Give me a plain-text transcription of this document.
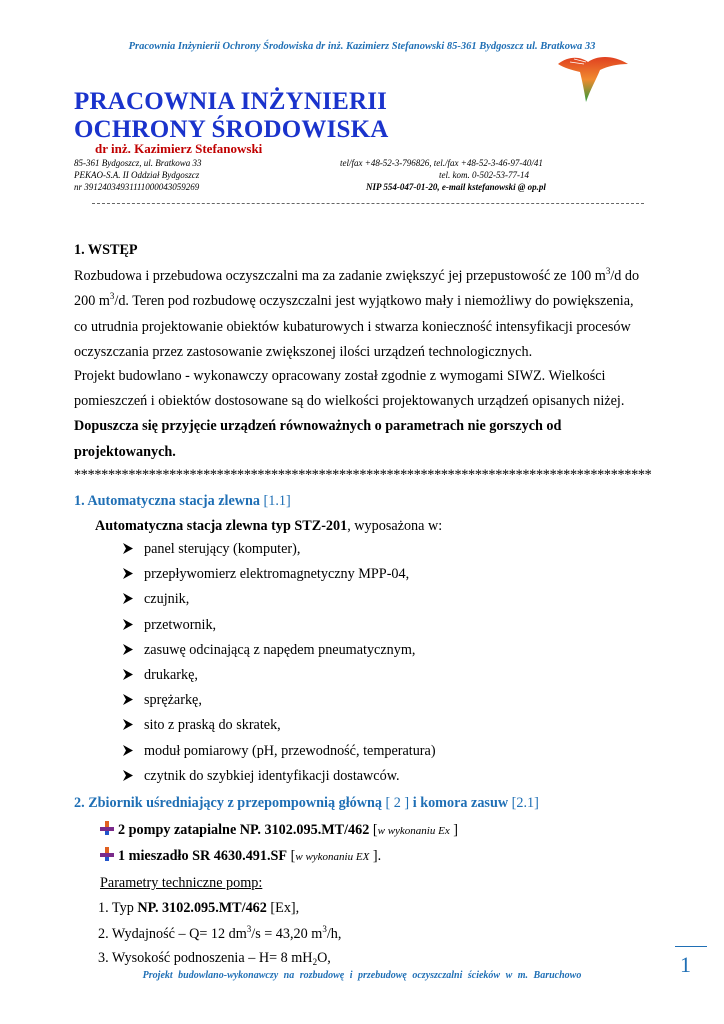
Pracownia Inżynierii Ochrony Środowiska dr inż. Kazimierz Stefanowski 85-361 Bydgoszcz ul. Bratkowa 33
PRACOWNIA INŻYNIERII
OCHRONY ŚRODOWISKA
dr inż. Kazimierz Stefanowski
85-361 Bydgoszcz, ul. Bratkowa 33
PEKAO-S.A. II Oddział Bydgoszcz
nr 39124034931111000043059269
tel/fax +48-52-3-796826, tel./fax +48-52-3-46-97-40/41
tel. kom. 0-502-53-77-14
NIP 554-047-01-20, e-mail kstefanowski @ op.pl
1. WSTĘP
Rozbudowa i przebudowa oczyszczalni ma za zadanie zwiększyć jej przepustowość ze 100 $m^3/d$ do
200 $m^3/d$. Teren pod rozbudowę oczyszczalni jest wyjątkowo mały i niemożliwy do powiększenia,
co utrudnia projektowanie obiektów kubaturowych i stwarza konieczność intensyfikacji procesów
oczyszczania przez zastosowanie zwiększonej ilości urządzeń technologicznych.
Projekt budowlano - wykonawczy opracowany został zgodnie z wymogami SIWZ. Wielkości
pomieszczeń i obiektów dostosowane są do wielkości projektowanych urządzeń opisanych niżej.
Dopuszcza się przyjęcie urządzeń równoważnych o parametrach nie gorszych od
projektowanych.
*************************************************************************************
1. Automatyczna stacja zlewna [1.1]
Automatyczna stacja zlewna typ STZ-201, wyposażona w:
panel sterujący (komputer),
przepływomierz elektromagnetyczny MPP-04,
czujnik,
przetwornik,
zasuwę odcinającą z napędem pneumatycznym,
drukarkę,
sprężarkę,
sito z praską do skratek,
moduł pomiarowy (pH, przewodność, temperatura)
czytnik do szybkiej identyfikacji dostawców.
2. Zbiornik uśredniający z przepompownią główną [ 2 ] i komora zasuw [2.1]
2 pompy zatapialne NP. 3102.095.MT/462 [w wykonaniu Ex ]
1 mieszadło SR 4630.491.SF [w wykonaniu EX ].
Parametry techniczne pomp:
1. Typ NP. 3102.095.MT/462 [Ex],
2. Wydajność – Q= 12 $dm^3/s = 43,20$ $m^3/h$,
3. Wysokość podnoszenia – H= 8 $mH_2O$,	1
Projekt budowlano-wykonawczy na rozbudowę i przebudowę oczyszczalni ścieków w m. Baruchowo
